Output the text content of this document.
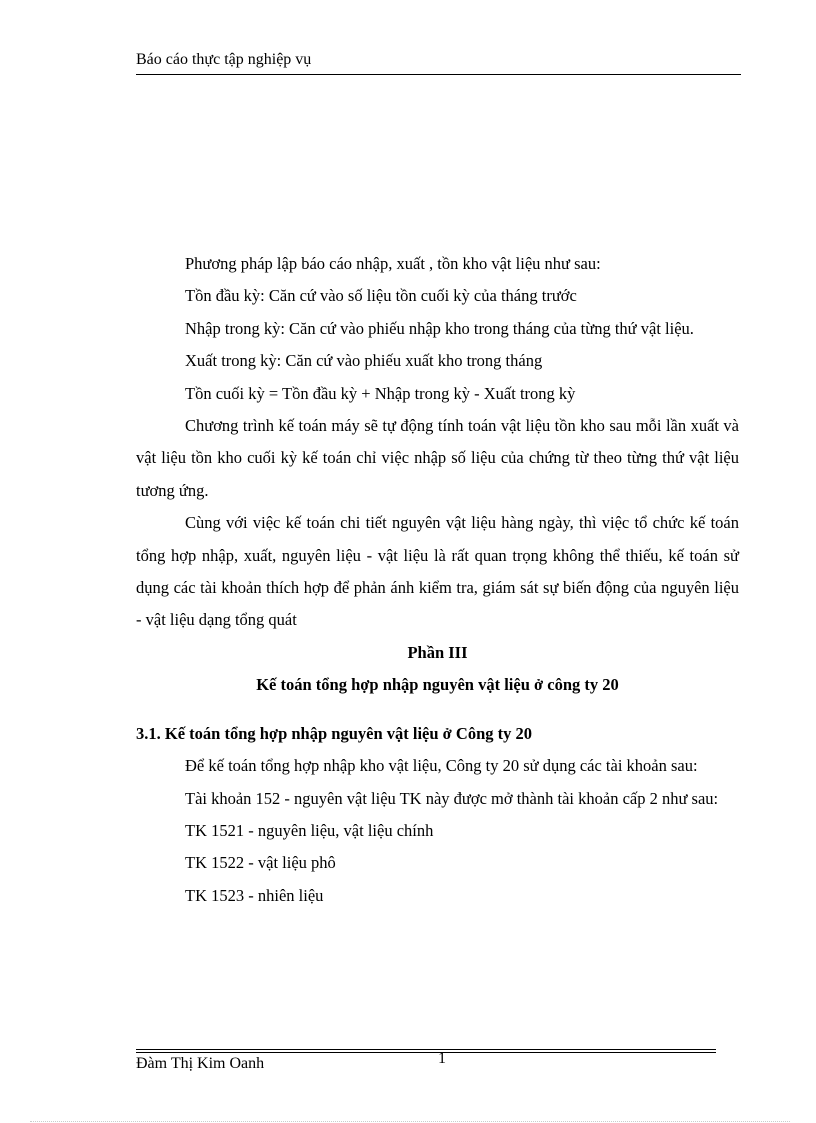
Báo cáo thực tập nghiệp vụ

Phương pháp lập báo cáo nhập, xuất , tồn kho vật liệu như sau:

Tồn đầu kỳ: Căn cứ vào số liệu tồn cuối kỳ của tháng trước

Nhập trong kỳ: Căn cứ vào phiếu nhập kho trong tháng của từng thứ vật liệu.

Xuất trong kỳ: Căn cứ vào phiếu xuất kho trong tháng

Tồn cuối kỳ = Tồn đầu kỳ + Nhập trong kỳ - Xuất trong kỳ

Chương trình kế toán máy sẽ tự động tính toán vật liệu tồn kho sau mỗi lần xuất và vật liệu tồn kho cuối kỳ kế toán chỉ việc nhập số liệu của chứng từ theo từng thứ vật liệu tương ứng.

Cùng với việc kế toán chi tiết nguyên vật liệu hàng ngày, thì việc tổ chức kế toán tổng hợp nhập, xuất, nguyên liệu - vật liệu là rất quan trọng không thể thiếu, kế toán sử dụng các tài khoản thích hợp để phản ánh kiểm tra, giám sát sự biến động của nguyên liệu - vật liệu dạng tổng quát

Phần III

Kế toán tổng hợp nhập nguyên vật liệu ở công ty 20

3.1. Kế toán tổng hợp nhập nguyên vật liệu ở Công ty 20

Để kế toán tổng hợp nhập kho vật liệu, Công ty 20 sử dụng các tài khoản sau:

Tài khoản 152 - nguyên vật liệu TK này được mở thành tài khoản cấp 2 như sau:

TK 1521 - nguyên liệu, vật liệu chính

TK 1522 - vật liệu phô

TK 1523 - nhiên liệu

Đàm Thị Kim Oanh	1
